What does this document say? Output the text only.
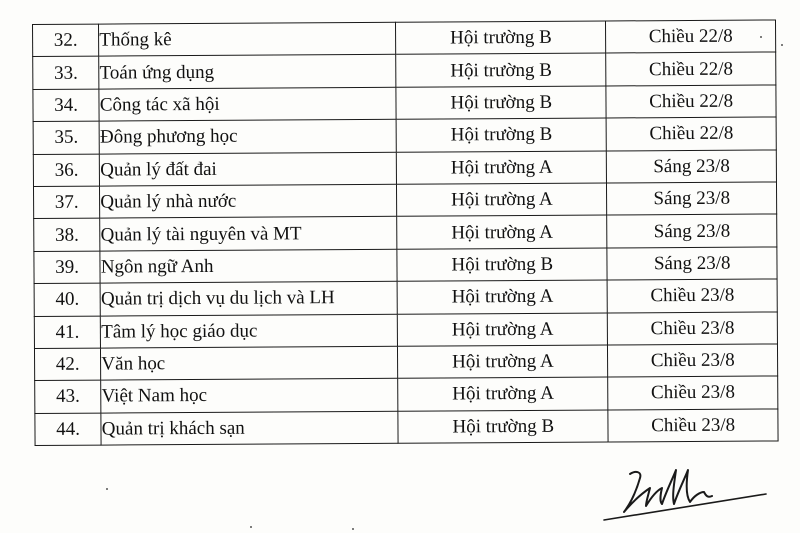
32.	Thống kê	Hội trường B	Chiều 22/8
33.	Toán ứng dụng	Hội trường B	Chiều 22/8
34.	Công tác xã hội	Hội trường B	Chiều 22/8
35.	Đông phương học	Hội trường B	Chiều 22/8
36.	Quản lý đất đai	Hội trường A	Sáng 23/8
37.	Quản lý nhà nước	Hội trường A	Sáng 23/8
38.	Quản lý tài nguyên và MT	Hội trường A	Sáng 23/8
39.	Ngôn ngữ Anh	Hội trường B	Sáng 23/8
40.	Quản trị dịch vụ du lịch và LH	Hội trường A	Chiều 23/8
41.	Tâm lý học giáo dục	Hội trường A	Chiều 23/8
42.	Văn học	Hội trường A	Chiều 23/8
43.	Việt Nam học	Hội trường A	Chiều 23/8
44.	Quản trị khách sạn	Hội trường B	Chiều 23/8
